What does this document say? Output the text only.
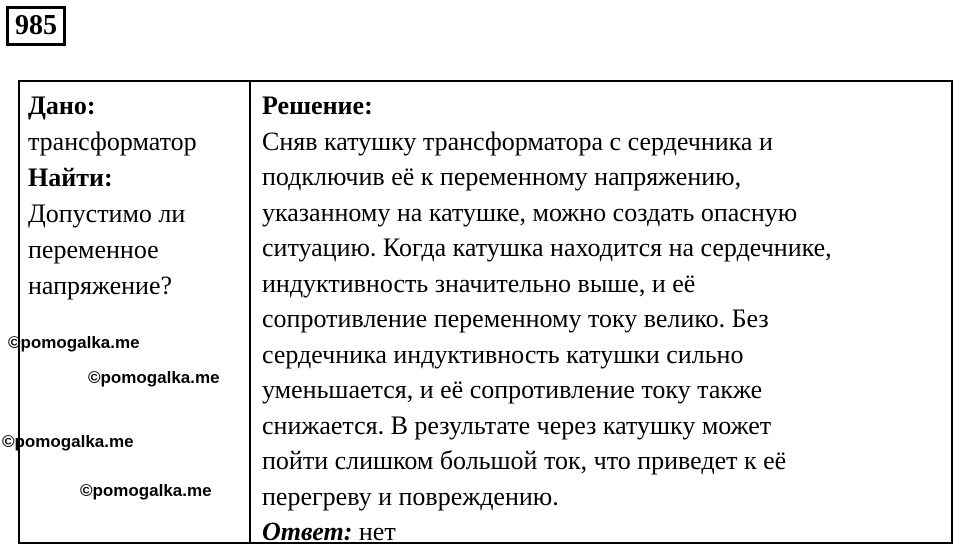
985
Дано:
трансформатор
Найти:
Допустимо ли
переменное
напряжение?
Решение:
Сняв катушку трансформатора с сердечника и
подключив её к переменному напряжению,
указанному на катушке, можно создать опасную
ситуацию. Когда катушка находится на сердечнике,
индуктивность значительно выше, и её
сопротивление переменному току велико. Без
сердечника индуктивность катушки сильно
уменьшается, и её сопротивление току также
снижается. В результате через катушку может
пойти слишком большой ток, что приведет к её
перегреву и повреждению.
Ответ: нет
©pomogalka.me
©pomogalka.me
©pomogalka.me
©pomogalka.me
